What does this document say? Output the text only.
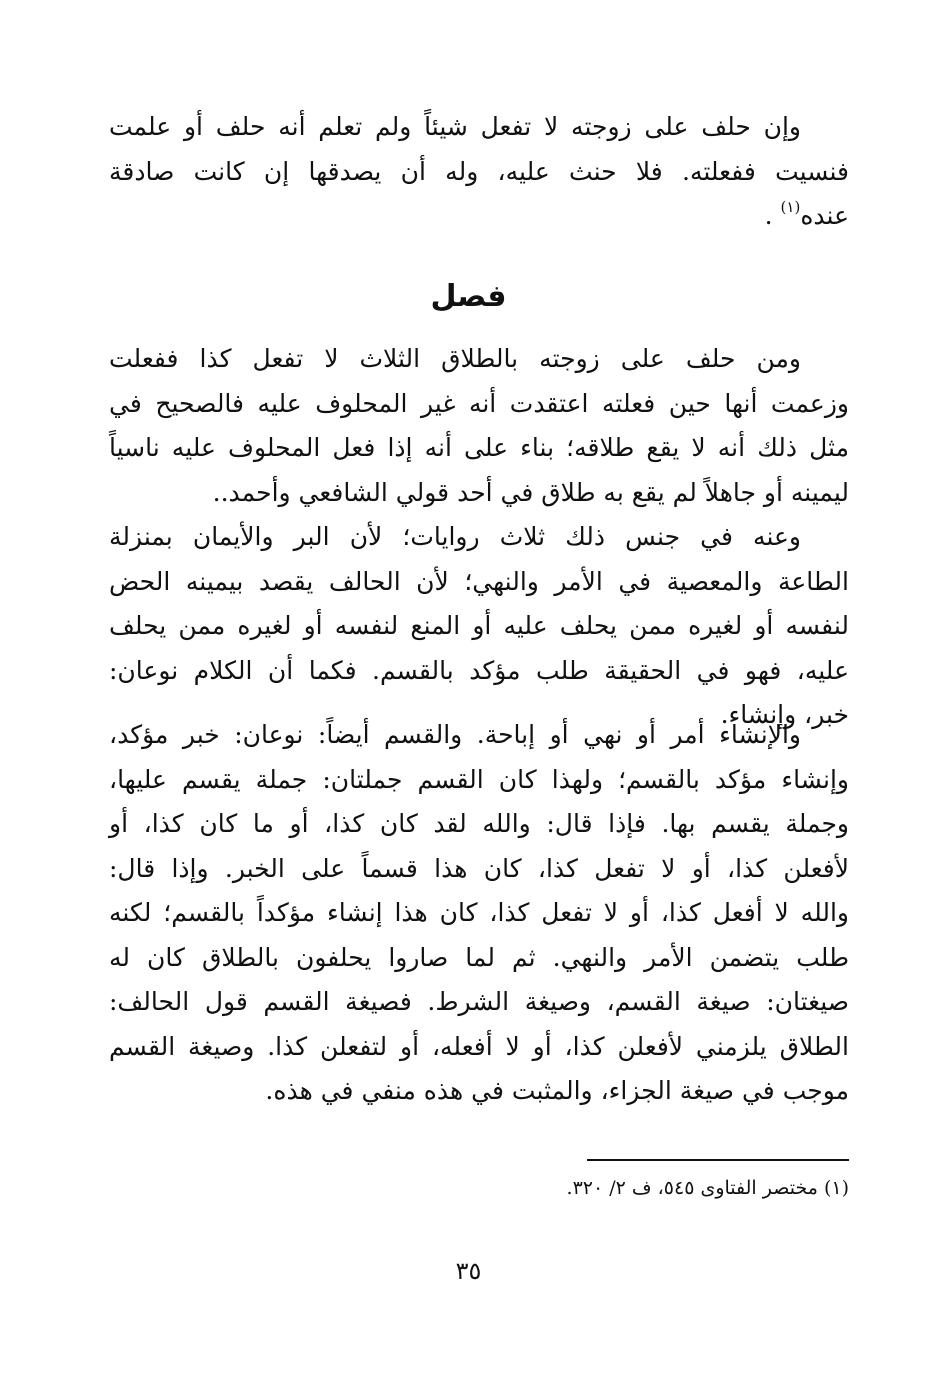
وإن حلف على زوجته لا تفعل شيئاً ولم تعلم أنه حلف أو علمت
فنسيت ففعلته. فلا حنث عليه، وله أن يصدقها إن كانت صادقة
عنده$^{(١)}$ .
فصل
ومن حلف على زوجته بالطلاق الثلاث لا تفعل كذا ففعلت
وزعمت أنها حين فعلته اعتقدت أنه غير المحلوف عليه فالصحيح في
مثل ذلك أنه لا يقع طلاقه؛ بناء على أنه إذا فعل المحلوف عليه ناسياً
ليمينه أو جاهلاً لم يقع به طلاق في أحد قولي الشافعي وأحمد..
وعنه في جنس ذلك ثلاث روايات؛ لأن البر والأيمان بمنزلة
الطاعة والمعصية في الأمر والنهي؛ لأن الحالف يقصد بيمينه الحض
لنفسه أو لغيره ممن يحلف عليه أو المنع لنفسه أو لغيره ممن يحلف
عليه، فهو في الحقيقة طلب مؤكد بالقسم. فكما أن الكلام نوعان:
خبر، وإنشاء.
والإنشاء أمر أو نهي أو إباحة. والقسم أيضاً: نوعان: خبر مؤكد،
وإنشاء مؤكد بالقسم؛ ولهذا كان القسم جملتان: جملة يقسم عليها،
وجملة يقسم بها. فإذا قال: والله لقد كان كذا، أو ما كان كذا، أو
لأفعلن كذا، أو لا تفعل كذا، كان هذا قسماً على الخبر. وإذا قال:
والله لا أفعل كذا، أو لا تفعل كذا، كان هذا إنشاء مؤكداً بالقسم؛ لكنه
طلب يتضمن الأمر والنهي. ثم لما صاروا يحلفون بالطلاق كان له
صيغتان: صيغة القسم، وصيغة الشرط. فصيغة القسم قول الحالف:
الطلاق يلزمني لأفعلن كذا، أو لا أفعله، أو لتفعلن كذا. وصيغة القسم
موجب في صيغة الجزاء، والمثبت في هذه منفي في هذه.
(١) مختصر الفتاوى ٥٤٥، ف ٢/ ٣٢٠.
٣٥
